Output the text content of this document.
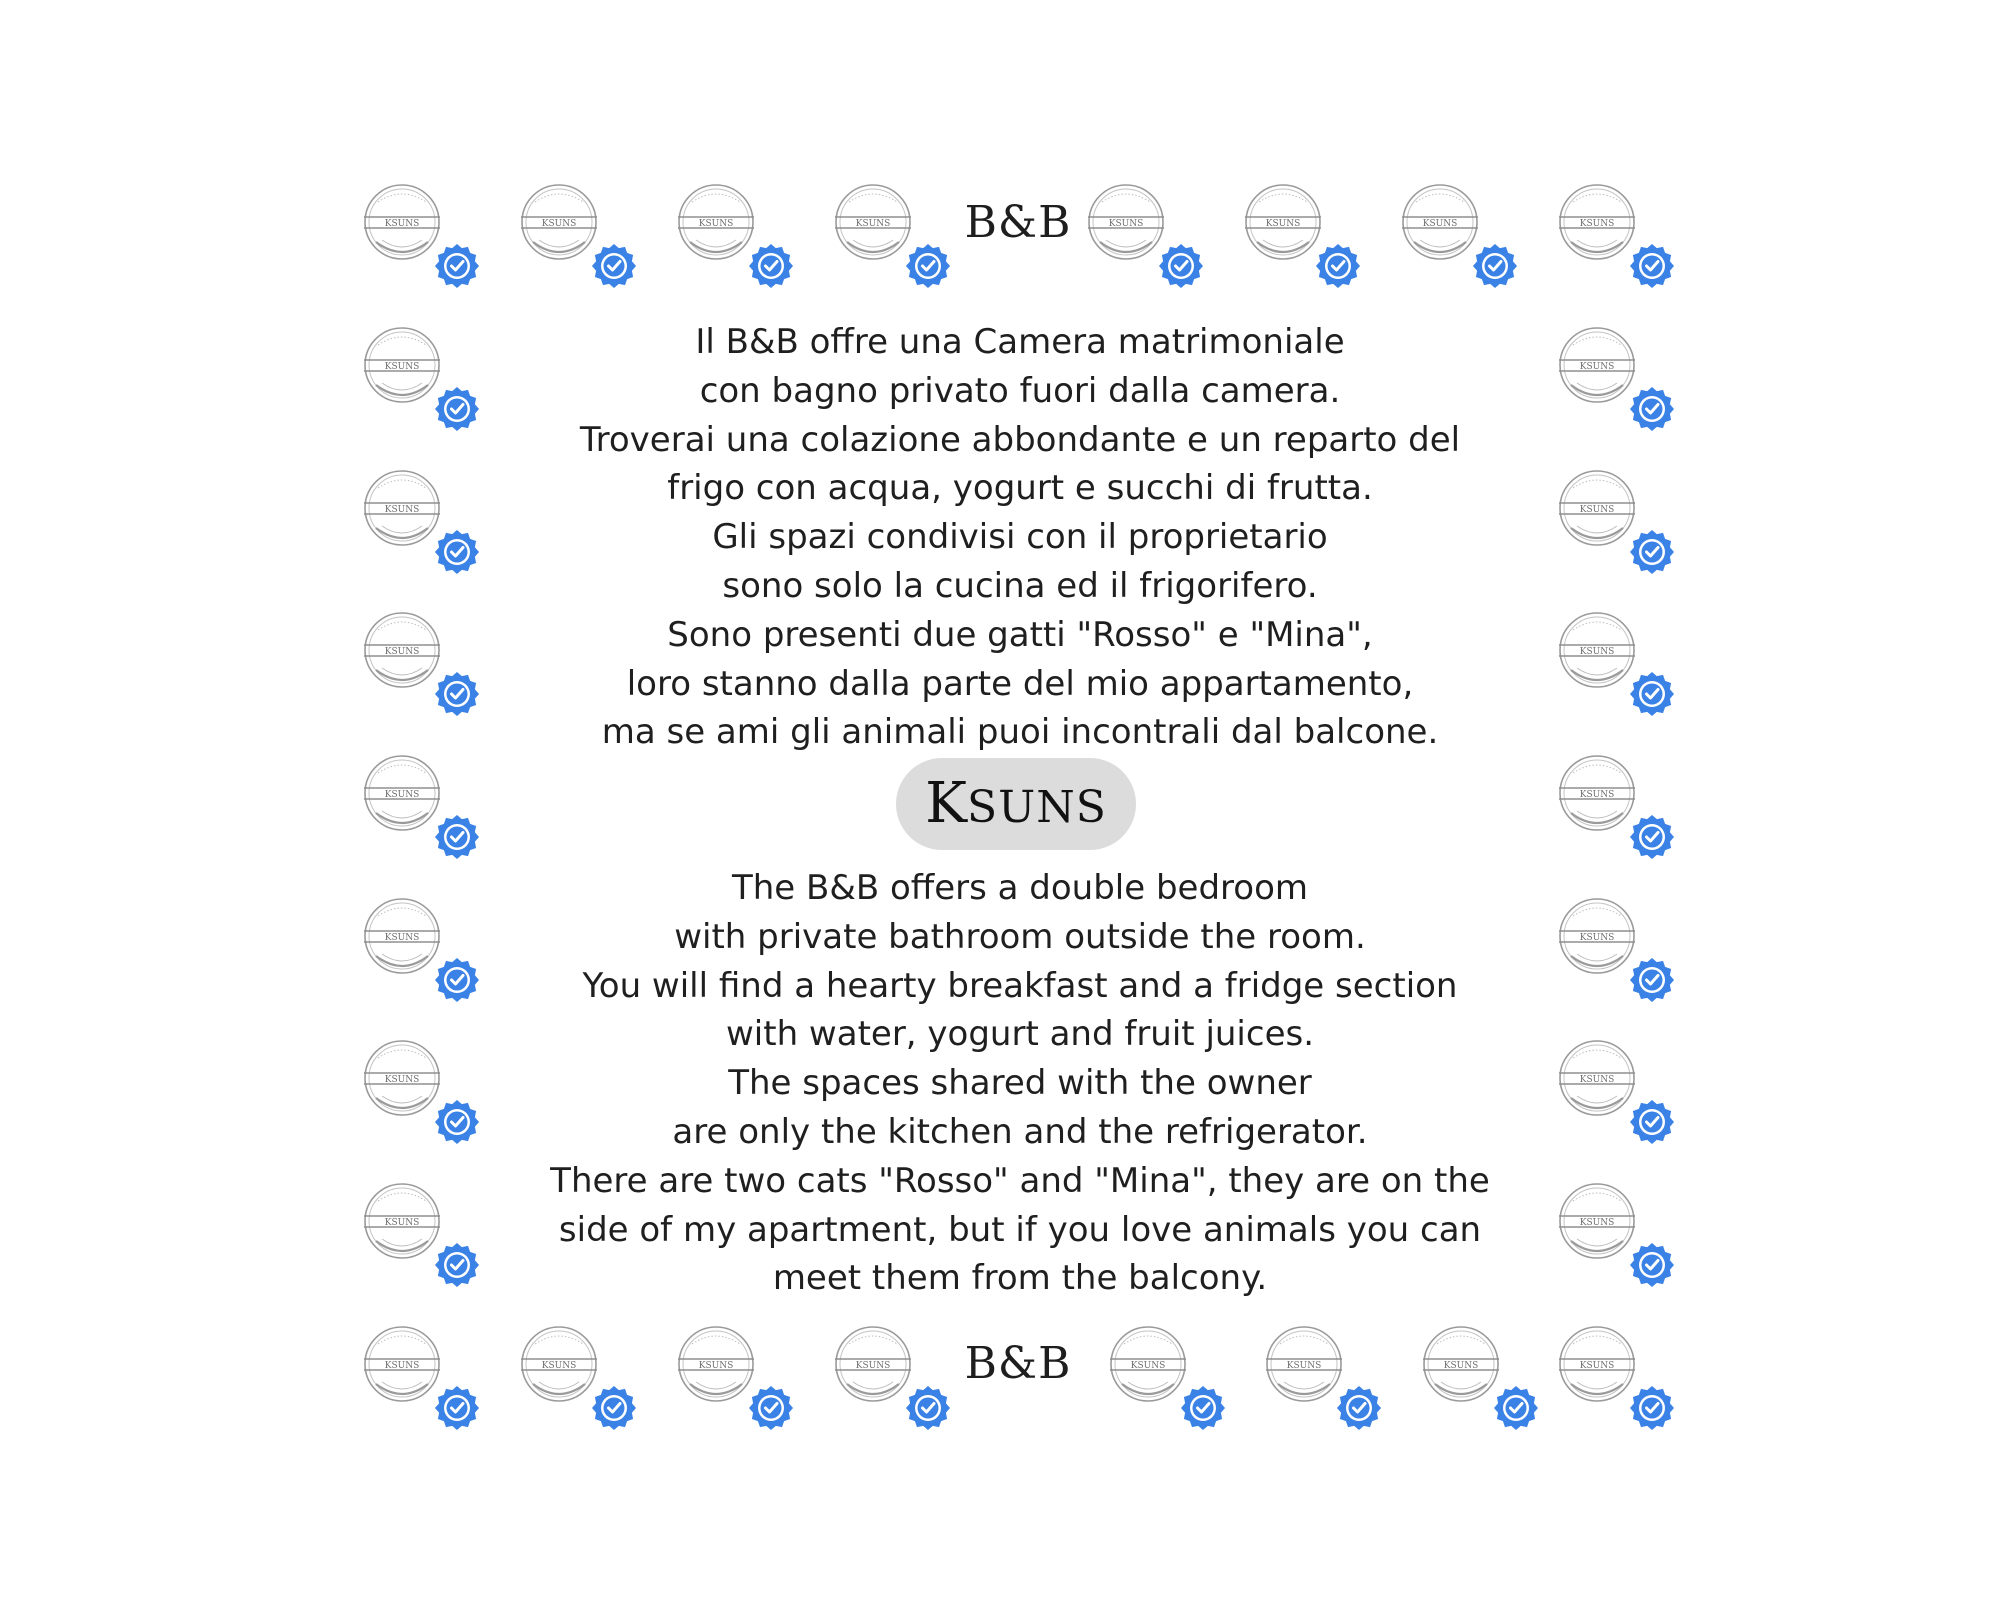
KSUNS	KSUNS	KSUNS	KSUNS	B&B	KSUNS	KSUNS	KSUNS	KSUNS
KSUNS
KSUNS
KSUNS
KSUNS
KSUNS
KSUNS
KSUNS
KSUNS
KSUNS
KSUNS
KSUNS
KSUNS
KSUNS
KSUNS
KSUNS	KSUNS	KSUNS	KSUNS	B&B	KSUNS	KSUNS	KSUNS	KSUNS
Il B&B offre una Camera matrimoniale
con bagno privato fuori dalla camera.
Troverai una colazione abbondante e un reparto del
frigo con acqua, yogurt e succhi di frutta.
Gli spazi condivisi con il proprietario
sono solo la cucina ed il frigorifero.
Sono presenti due gatti "Rosso" e "Mina",
loro stanno dalla parte del mio appartamento,
ma se ami gli animali puoi incontrali dal balcone.
KSUNS
The B&B offers a double bedroom
with private bathroom outside the room.
You will find a hearty breakfast and a fridge section
with water, yogurt and fruit juices.
The spaces shared with the owner
are only the kitchen and the refrigerator.
There are two cats "Rosso" and "Mina", they are on the
side of my apartment, but if you love animals you can
meet them from the balcony.
